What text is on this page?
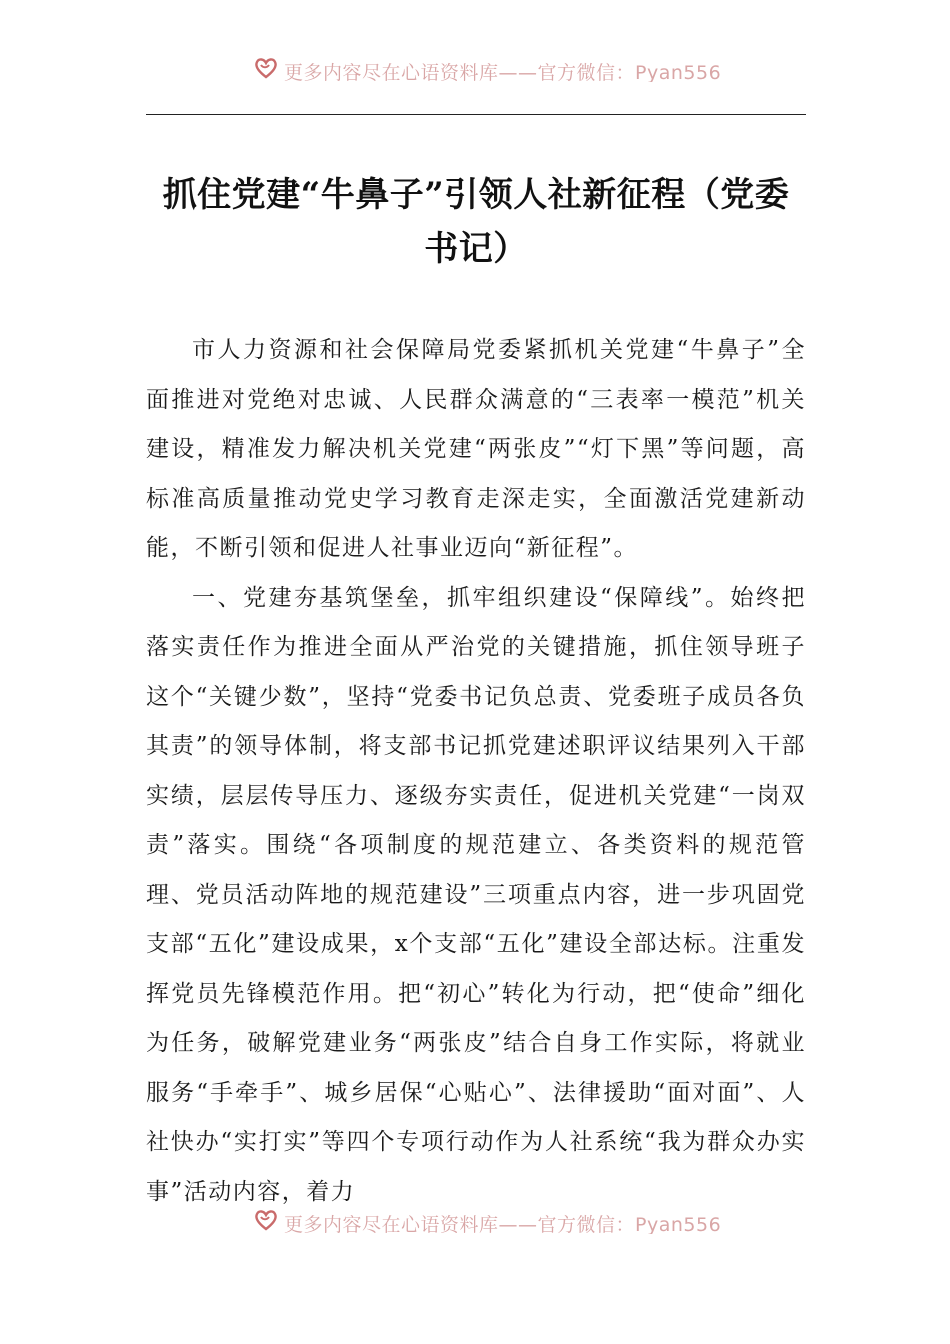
更多内容尽在心语资料库——官方微信：Pyan556
抓住党建“牛鼻子”引领人社新征程（党委书记）

市人力资源和社会保障局党委紧抓机关党建“牛鼻子”全面推进对党绝对忠诚、人民群众满意的“三表率一模范”机关建设，精准发力解决机关党建“两张皮”“灯下黑”等问题，高标准高质量推动党史学习教育走深走实，全面激活党建新动能，不断引领和促进人社事业迈向“新征程”。

一、党建夯基筑堡垒，抓牢组织建设“保障线”。始终把落实责任作为推进全面从严治党的关键措施，抓住领导班子这个“关键少数”，坚持“党委书记负总责、党委班子成员各负其责”的领导体制，将支部书记抓党建述职评议结果列入干部实绩，层层传导压力、逐级夯实责任，促进机关党建“一岗双责”落实。围绕“各项制度的规范建立、各类资料的规范管理、党员活动阵地的规范建设”三项重点内容，进一步巩固党支部“五化”建设成果，x个支部“五化”建设全部达标。注重发挥党员先锋模范作用。把“初心”转化为行动，把“使命”细化为任务，破解党建业务“两张皮”结合自身工作实际，将就业服务“手牵手”、城乡居保“心贴心”、法律援助“面对面”、人社快办“实打实”等四个专项行动作为人社系统“我为群众办实事”活动内容，着力

更多内容尽在心语资料库——官方微信：Pyan556
